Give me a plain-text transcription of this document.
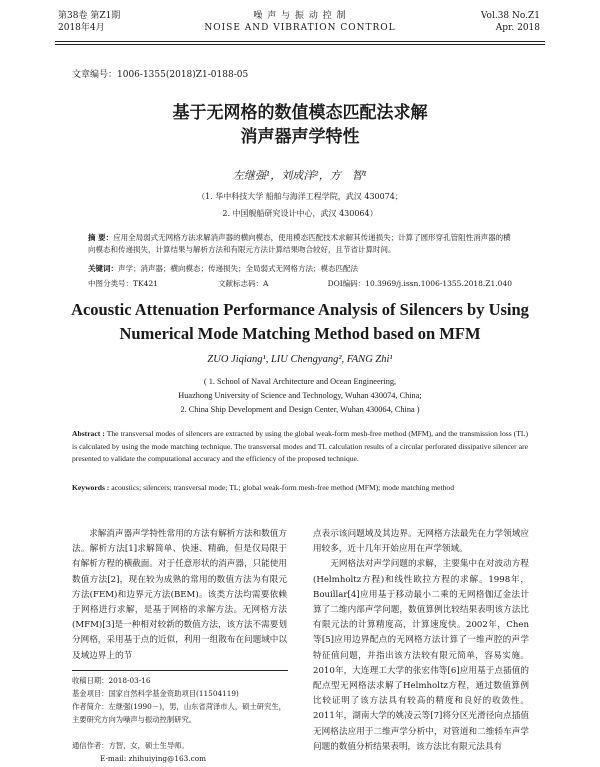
第38卷 第Z1期
2018年4月
噪 声 与 振 动 控 制
NOISE AND VIBRATION CONTROL
Vol.38 No.Z1
Apr. 2018
文章编号：1006-1355(2018)Z1-0188-05
基于无网格的数值模态匹配法求解
消声器声学特性
左继强¹，刘成洋²，方　智¹
（1. 华中科技大学 船舶与海洋工程学院，武汉 430074；
2. 中国舰船研究设计中心，武汉 430064）
摘 要：应用全局弱式无网格方法求解消声器的横向模态，使用模态匹配技术求解其传递损失；计算了圆形穿孔管阻性消声器的横向模态和传递损失，计算结果与解析方法和有限元方法计算结果吻合较好，且节省计算时间。
关键词：声学；消声器；横向模态；传递损失；全局弱式无网格方法；模态匹配法
中图分类号：TK421	文献标志码：A	DOI编码：10.3969/j.issn.1006-1355.2018.Z1.040
Acoustic Attenuation Performance Analysis of Silencers by Using
Numerical Mode Matching Method based on MFM
ZUO Jiqiang¹, LIU Chengyang², FANG Zhi¹
( 1. School of Naval Architecture and Ocean Engineering,
Huazhong University of Science and Technology, Wuhan 430074, China;
2. China Ship Development and Design Center, Wuhan 430064, China )
Abstract : The transversal modes of silencers are extracted by using the global weak-form mesh-free method (MFM), and the transmission loss (TL) is calculated by using the mode matching technique. The transversal modes and TL calculation results of a circular perforated dissipative silencer are presented to validate the computational accuracy and the efficiency of the proposed technique.
Keywords : acoustics; silencers; transversal mode; TL; global weak-form mesh-free method (MFM); mode matching method

求解消声器声学特性常用的方法有解析方法和数值方法。解析方法[1]求解简单、快速、精确，但是仅局限于有解析方程的横截面。对于任意形状的消声器，只能使用数值方法[2]，现在较为成熟的常用的数值方法为有限元方法(FEM)和边界元方法(BEM)。该类方法均需要依赖于网格进行求解，是基于网格的求解方法。无网格方法(MFM)[3]是一种相对较新的数值方法，该方法不需要划分网格，采用基于点的近似，利用一组散布在问题域中以及域边界上的节

点表示该问题域及其边界。无网格方法最先在力学领域应用较多，近十几年开始应用在声学领域。

无网格法对声学问题的求解，主要集中在对波动方程(Helmholtz方程)和线性欧拉方程的求解。1998年，Bouillar[4]应用基于移动最小二乘的无网格伽辽金法计算了二维内部声学问题，数值算例比较结果表明该方法比有限元法的计算精度高，计算速度快。2002年，Chen等[5]应用边界配点的无网格方法计算了一维声腔的声学特征值问题，并指出该方法较有限元简单，容易实施。2010年，大连理工大学的张宏伟等[6]应用基于点插值的配点型无网格法求解了Helmholtz方程，通过数值算例比较证明了该方法具有较高的精度和良好的收敛性。2011年，湖南大学的姚凌云等[7]将分区光滑径向点插值无网格法应用于二维声学分析中，对管道和二维轿车声学问题的数值分析结果表明，该方法比有限元法具有

收稿日期：2018-03-16
基金项目：国家自然科学基金资助项目(11504119)
作者简介：左继强(1990－)，男，山东省菏泽市人，硕士研究生，主要研究方向为噪声与振动控制研究。
通信作者：方智，女，硕士生导师。
E-mail: zhihuiying@163.com
